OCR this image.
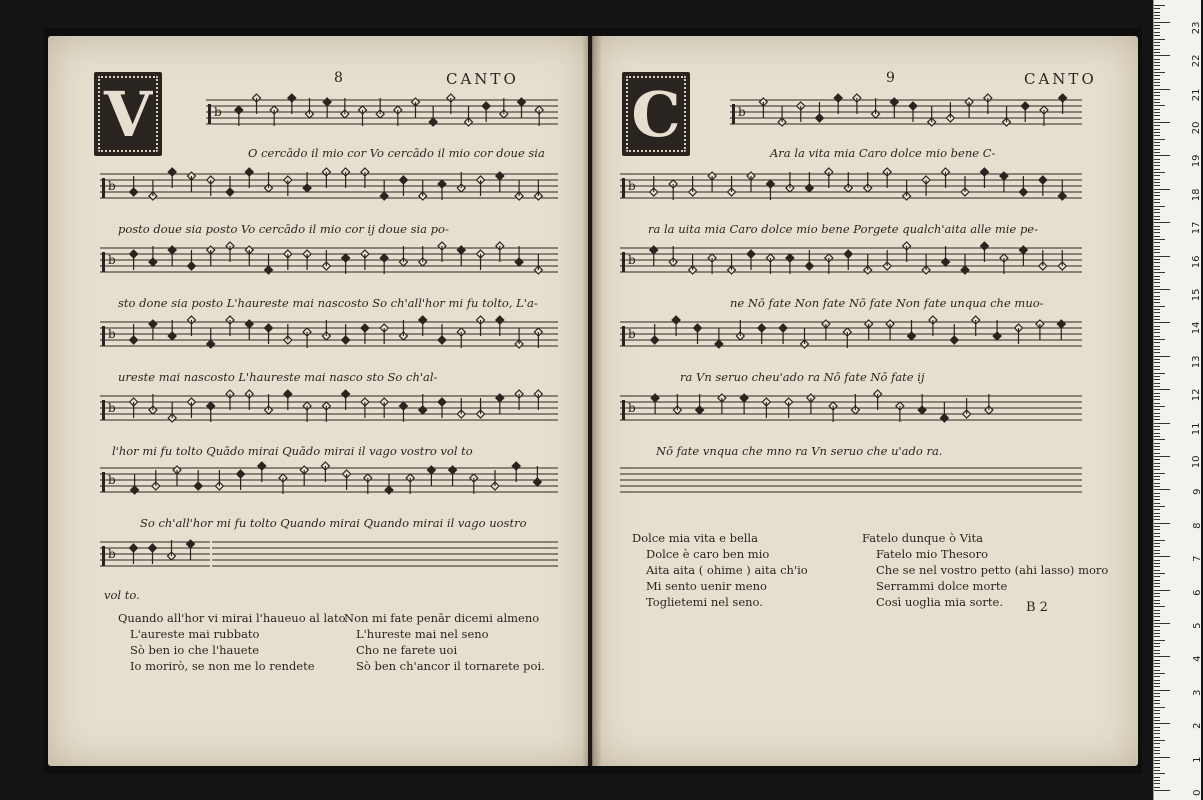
8	CANTO
V	9	CANTO
C
b
b
b
b
b
b
b
b
b
b
b
b
O cercādo il mio cor Vo cercādo il mio cor doue sia
posto doue sia posto Vo cercādo il mio cor ij doue sia po-
sto done sia posto L'haureste mai nascosto So ch'all'hor mi fu tolto, L'a-
ureste mai nascosto L'haureste mai nasco sto So ch'al-
l'hor mi fu tolto Quādo mirai Quādo mirai il vago vostro vol to
So ch'all'hor mi fu tolto Quando mirai Quando mirai il vago uostro
vol to.
Quando all'hor vi mirai l'haueuo al lato
L'aureste mai rubbato
Sò ben io che l'hauete
Io morirò, se non me lo rendete
Non mi fate penār dicemi almeno
L'hureste mai nel seno
Cho ne farete uoi
Sò ben ch'ancor il tornarete poi.
Ara la vita mia Caro dolce mio bene C-
ra la uita mia Caro dolce mio bene Porgete qualch'aita alle mie pe-
ne Nō fate Non fate Nō fate Non fate unqua che muo-
ra Vn seruo cheu'ado ra Nō fate Nō fate ij
Nō fate vnqua che mno ra Vn seruo che u'ado ra.
Dolce mia vita e bella
Dolce è caro ben mio
Aita aita ( ohime ) aita ch'io
Mi sento uenir meno
Toglietemi nel seno.
Fatelo dunque ò Vita
Fatelo mio Thesoro
Che se nel vostro petto (ahi lasso) moro
Serrammi dolce morte
Così uoglia mia sorte.	B 2
0
1
2
3
4
5
6
7
8
9
10
11
12
13
14
15
16
17
18
19
20
21
22
23
